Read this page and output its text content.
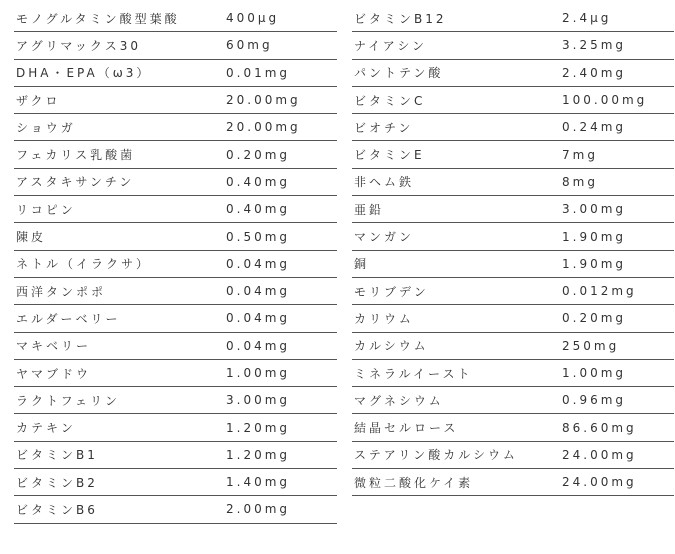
モノグルタミン酸型葉酸	400μg
アグリマックス30	60mg
DHA・EPA（ω3）	0.01mg
ザクロ	20.00mg
ショウガ	20.00mg
フェカリス乳酸菌	0.20mg
アスタキサンチン	0.40mg
リコピン	0.40mg
陳皮	0.50mg
ネトル（イラクサ）	0.04mg
西洋タンポポ	0.04mg
エルダーベリー	0.04mg
マキベリー	0.04mg
ヤマブドウ	1.00mg
ラクトフェリン	3.00mg
カテキン	1.20mg
ビタミンB1	1.20mg
ビタミンB2	1.40mg
ビタミンB6	2.00mg
ビタミンB12	2.4μg
ナイアシン	3.25mg
パントテン酸	2.40mg
ビタミンC	100.00mg
ビオチン	0.24mg
ビタミンE	7mg
非ヘム鉄	8mg
亜鉛	3.00mg
マンガン	1.90mg
銅	1.90mg
モリブデン	0.012mg
カリウム	0.20mg
カルシウム	250mg
ミネラルイースト	1.00mg
マグネシウム	0.96mg
結晶セルロース	86.60mg
ステアリン酸カルシウム	24.00mg
微粒二酸化ケイ素	24.00mg
